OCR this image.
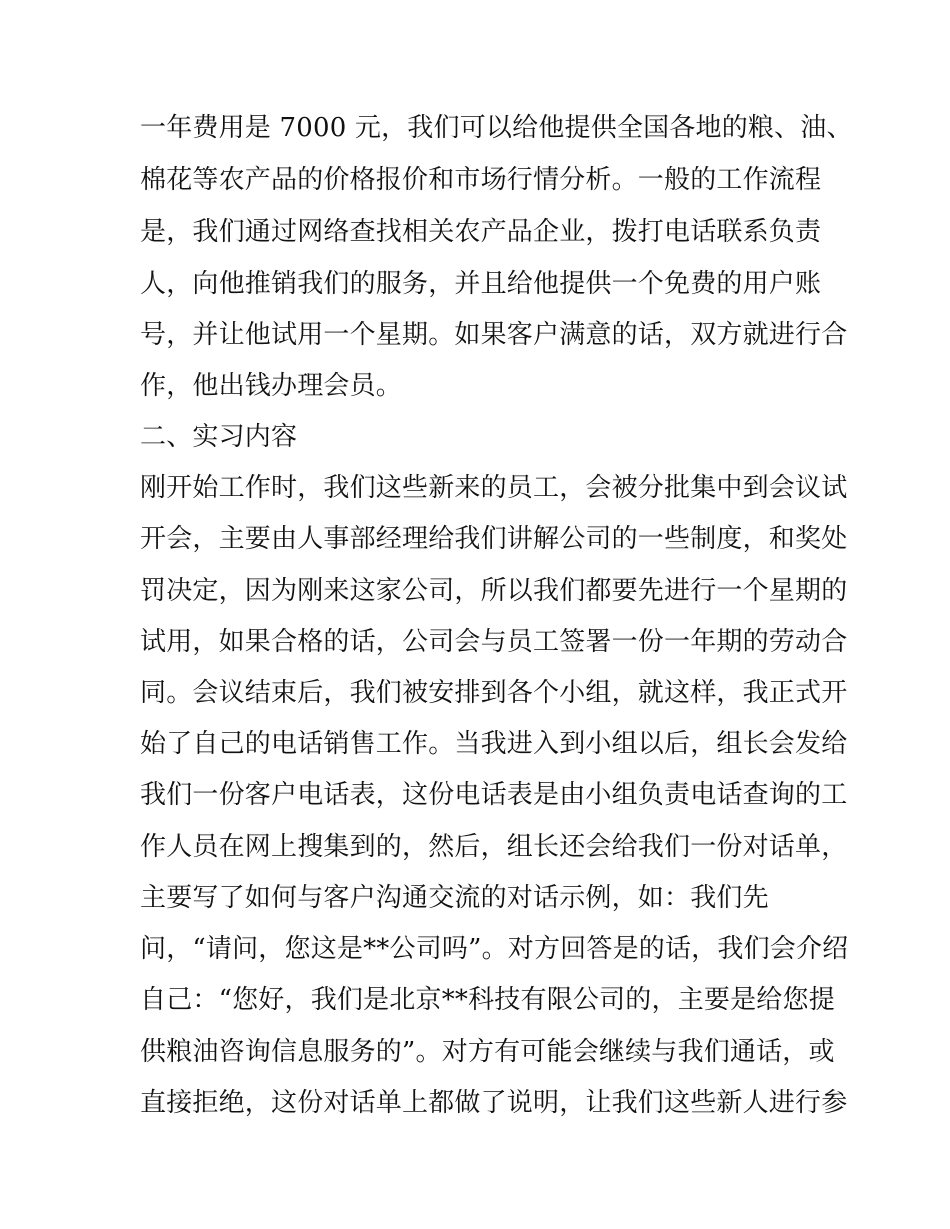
一年费用是 7000 元，我们可以给他提供全国各地的粮、油、
棉花等农产品的价格报价和市场行情分析。一般的工作流程
是，我们通过网络查找相关农产品企业，拨打电话联系负责
人，向他推销我们的服务，并且给他提供一个免费的用户账
号，并让他试用一个星期。如果客户满意的话，双方就进行合
作，他出钱办理会员。
二、实习内容
刚开始工作时，我们这些新来的员工，会被分批集中到会议试
开会，主要由人事部经理给我们讲解公司的一些制度，和奖处
罚决定，因为刚来这家公司，所以我们都要先进行一个星期的
试用，如果合格的话，公司会与员工签署一份一年期的劳动合
同。会议结束后，我们被安排到各个小组，就这样，我正式开
始了自己的电话销售工作。当我进入到小组以后，组长会发给
我们一份客户电话表，这份电话表是由小组负责电话查询的工
作人员在网上搜集到的，然后，组长还会给我们一份对话单，
主要写了如何与客户沟通交流的对话示例，如：我们先
问，“请问，您这是**公司吗”。对方回答是的话，我们会介绍
自己：“您好，我们是北京**科技有限公司的，主要是给您提
供粮油咨询信息服务的”。对方有可能会继续与我们通话，或
直接拒绝，这份对话单上都做了说明，让我们这些新人进行参
